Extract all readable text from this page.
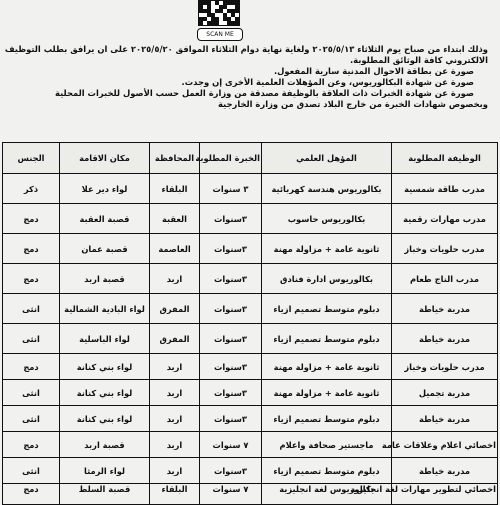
SCAN ME

وذلك ابتداء من صباح يوم الثلاثاء ٢٠٢٥/٥/١٣ ولغاية نهاية دوام الثلاثاء الموافق ٢٠٢٥/٥/٢٠ على ان يرافق بطلب التوظيف

الالكتروني كافة الوثائق المطلوبة.

صورة عن بطاقة الاحوال المدنية سارية المفعول.

صورة عن شهادة البكالوريوس، وعن المؤهلات العلمية الأخرى إن وجدت.

صورة عن شهادة الخبرات ذات العلاقة بالوظيفة مصدقة من وزارة العمل حسب الأصول للخبرات المحلية

وبخصوص شهادات الخبرة من خارج البلاد تصدق من وزارة الخارجية

الوظيفة المطلوبة	المؤهل العلمي	الخبرة المطلوبة	المحافظة	مكان الاقامة	الجنس
مدرب طاقة شمسية	بكالوريوس هندسة كهربائية	٣ سنوات	البلقاء	لواء دير علا	ذكر
مدرب مهارات رقمية	بكالوريوس حاسوب	٣سنوات	العقبة	قصبة العقبة	دمج
مدرب حلويات وخباز	ثانوية عامة + مزاولة مهنة	٣سنوات	العاصمة	قصبة عمان	دمج
مدرب الناج طعام	بكالوريوس ادارة فنادق	٣سنوات	اربد	قصبة اربد	دمج
مدربة خياطة	دبلوم متوسط تصميم ازياء	٣سنوات	المفرق	لواء البادية الشمالية	انثى
مدربة خياطة	دبلوم متوسط تصميم ازياء	٣سنوات	المفرق	لواء الباسلية	انثى
مدرب حلويات وخباز	ثانوية عامة + مزاولة مهنة	٣سنوات	اربد	لواء بني كنانة	دمج
مدربة تجميل	ثانوية عامة + مزاولة مهنة	٣سنوات	اربد	لواء بني كنانة	انثى
مدربة خياطة	دبلوم متوسط تصميم ازياء	٣سنوات	اربد	لواء بني كنانة	انثى
اخصائي اعلام وعلاقات عامة	ماجستير صحافة واعلام	٧ سنوات	اربد	قصبة اربد	دمج
مدربة خياطة	دبلوم متوسط تصميم ازياء	٣سنوات	اربد	لواء الرمثا	انثى
اخصائي لتطوير مهارات لغة انجليزية	بكالوريوس لغة انجليزية	٧ سنوات	البلقاء	قصبة السلط	دمج
